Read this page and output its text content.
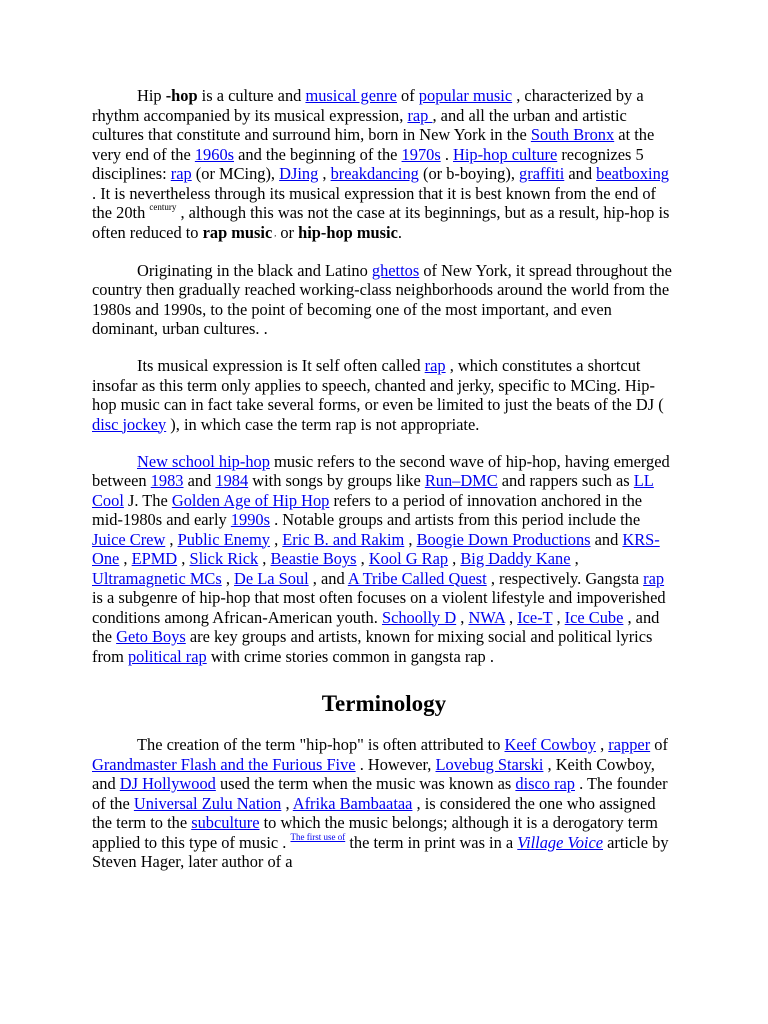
Hip -hop is a culture and musical genre of popular music , characterized by a rhythm accompanied by its musical expression, rap , and all the urban and artistic cultures that constitute and surround him, born in New York in the South Bronx at the very end of the 1960s and the beginning of the 1970s . Hip-hop culture recognizes 5 disciplines: rap (or MCing), DJing , breakdancing (or b-boying), graffiti and beatboxing . It is nevertheless through its musical expression that it is best known from the end of the 20th $^{century}$ , although this was not the case at its beginnings, but as a result, hip-hop is often reduced to rap music , or hip-hop music.

Originating in the black and Latino ghettos of New York, it spread throughout the country then gradually reached working-class neighborhoods around the world from the 1980s and 1990s, to the point of becoming one of the most important, and even dominant, urban cultures. .

Its musical expression is It self often called rap , which constitutes a shortcut insofar as this term only applies to speech, chanted and jerky, specific to MCing. Hip-hop music can in fact take several forms, or even be limited to just the beats of the DJ ( disc jockey ), in which case the term rap is not appropriate.

New school hip-hop music refers to the second wave of hip-hop, having emerged between 1983 and 1984 with songs by groups like Run–DMC and rappers such as LL Cool J. The Golden Age of Hip Hop refers to a period of innovation anchored in the mid-1980s and early 1990s . Notable groups and artists from this period include the Juice Crew , Public Enemy , Eric B. and Rakim , Boogie Down Productions and KRS-One , EPMD , Slick Rick , Beastie Boys , Kool G Rap , Big Daddy Kane , Ultramagnetic MCs , De La Soul , and A Tribe Called Quest , respectively. Gangsta rap is a subgenre of hip-hop that most often focuses on a violent lifestyle and impoverished conditions among African-American youth. Schoolly D , NWA , Ice-T , Ice Cube , and the Geto Boys are key groups and artists, known for mixing social and political lyrics from political rap with crime stories common in gangsta rap .

Terminology

The creation of the term "hip-hop" is often attributed to Keef Cowboy , rapper of Grandmaster Flash and the Furious Five . However, Lovebug Starski , Keith Cowboy, and DJ Hollywood used the term when the music was known as disco rap . The founder of the Universal Zulu Nation , Afrika Bambaataa , is considered the one who assigned the term to the subculture to which the music belongs; although it is a derogatory term applied to this type of music . $^{The first use of}$ the term in print was in a Village Voice article by Steven Hager, later author of a
